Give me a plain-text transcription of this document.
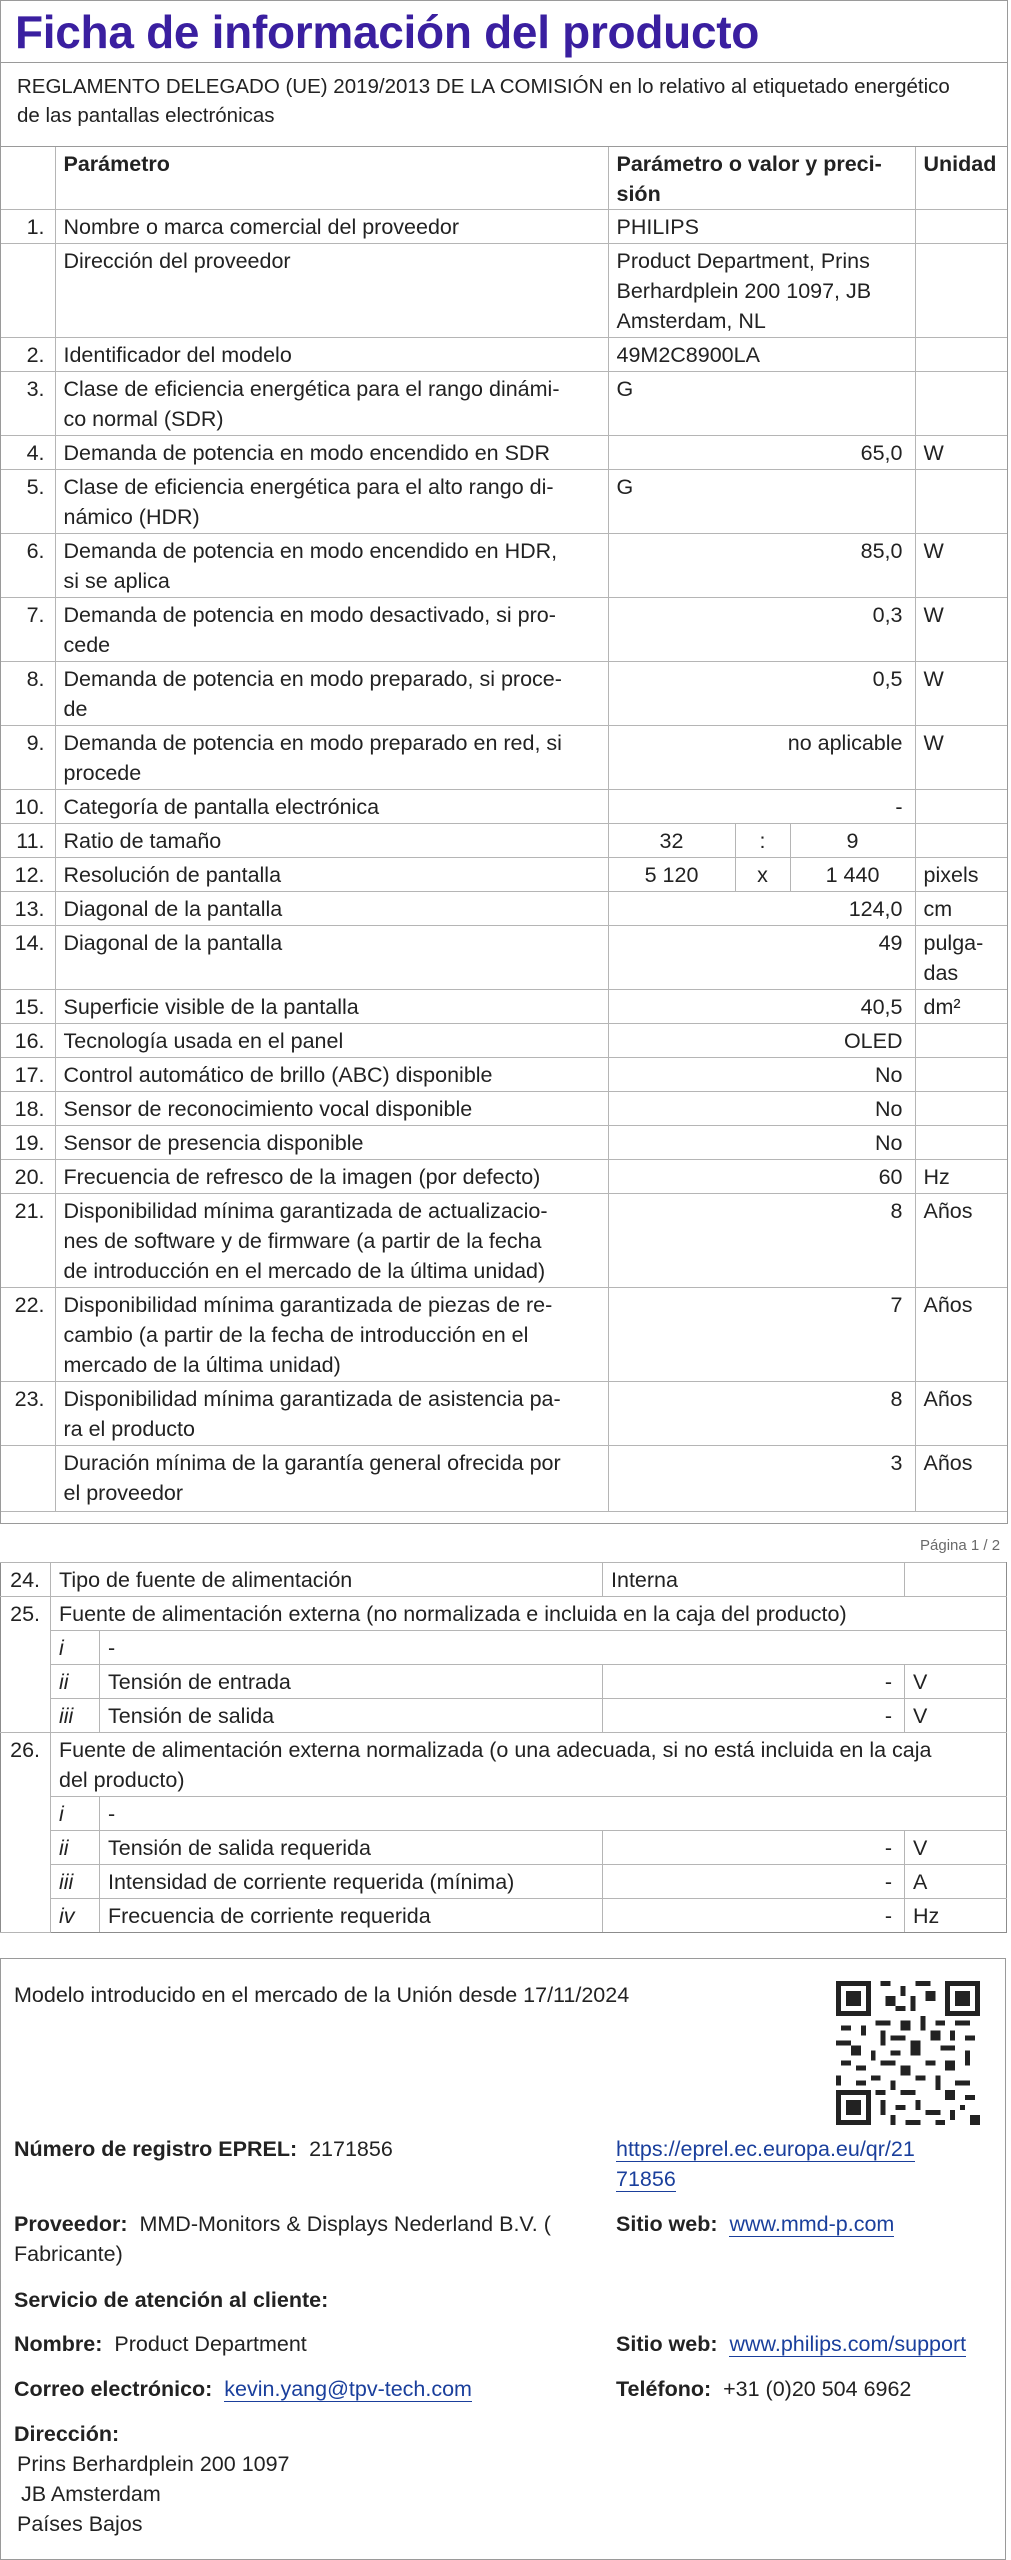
Ficha de información del producto
REGLAMENTO DELEGADO (UE) 2019/2013 DE LA COMISIÓN en lo relativo al etiquetado energético
de las pantallas electrónicas
	Parámetro	Parámetro o valor y preci-
sión			Unidad
1.	Nombre o marca comercial del proveedor	PHILIPS			
	Dirección del proveedor	Product Department, Prins
Berhardplein 200 1097, JB
Amsterdam, NL			

2.	Identificador del modelo	49M2C8900LA			
3.	Clase de eficiencia energética para el rango dinámi-
co normal (SDR)	G			
4.	Demanda de potencia en modo encendido en SDR	65,0			W
5.	Clase de eficiencia energética para el alto rango di-
námico (HDR)	G			
6.	Demanda de potencia en modo encendido en HDR,
si se aplica	85,0			W
7.	Demanda de potencia en modo desactivado, si pro-
cede	0,3			W
8.	Demanda de potencia en modo preparado, si proce-
de	0,5			W
9.	Demanda de potencia en modo preparado en red, si
procede	no aplicable			W
10.	Categoría de pantalla electrónica	-			
11.	Ratio de tamaño	32	:	9	
12.	Resolución de pantalla	5 120	x	1 440	pixels
13.	Diagonal de la pantalla	124,0			cm
14.	Diagonal de la pantalla	49			pulga-
das

15.	Superficie visible de la pantalla	40,5			dm²
16.	Tecnología usada en el panel	OLED			
17.	Control automático de brillo (ABC) disponible	No			
18.	Sensor de reconocimiento vocal disponible	No			
19.	Sensor de presencia disponible	No			
20.	Frecuencia de refresco de la imagen (por defecto)	60			Hz
21.	Disponibilidad mínima garantizada de actualizacio-
nes de software y de firmware (a partir de la fecha
de introducción en el mercado de la última unidad)	8			Años
22.	Disponibilidad mínima garantizada de piezas de re-
cambio (a partir de la fecha de introducción en el
mercado de la última unidad)	7			Años
23.	Disponibilidad mínima garantizada de asistencia pa-
ra el producto	8			Años

	Duración mínima de la garantía general ofrecida por
el proveedor	3			Años
Página 1 / 2
24.	Tipo de fuente de alimentación		Interna	
25.	Fuente de alimentación externa (no normalizada e incluida en la caja del producto)			
	i	-		
	ii	Tensión de entrada	-	V
	iii	Tensión de salida	-	V
26.	Fuente de alimentación externa normalizada (o una adecuada, si no está incluida en la caja
del producto)			

	i	-		
	ii	Tensión de salida requerida	-	V
	iii	Intensidad de corriente requerida (mínima)	-	A
	iv	Frecuencia de corriente requerida	-	Hz
Modelo introducido en el mercado de la Unión desde 17/11/2024
Número de registro EPREL: 2171856	https://eprel.ec.europa.eu/qr/21
71856
Proveedor: MMD-Monitors & Displays Nederland B.V. (
Fabricante)
Sitio web: www.mmd-p.com
Servicio de atención al cliente:
Nombre: Product Department	Sitio web: www.philips.com/support
Correo electrónico: kevin.yang@tpv-tech.com	Teléfono: +31 (0)20 504 6962
Dirección:
Prins Berhardplein 200 1097
JB Amsterdam
Países Bajos
